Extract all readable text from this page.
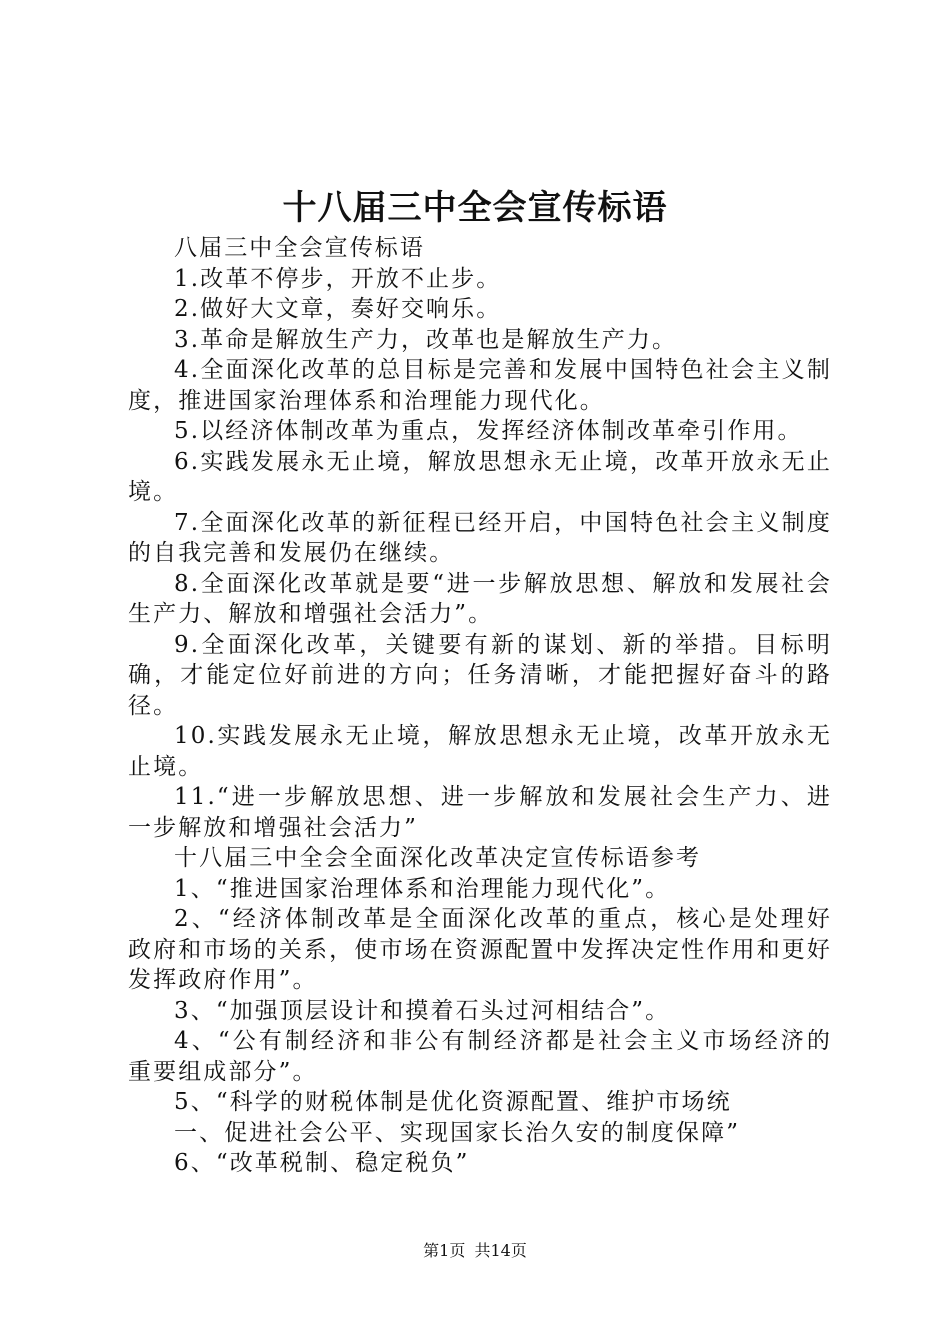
十八届三中全会宣传标语

八届三中全会宣传标语

1.改革不停步，开放不止步。

2.做好大文章，奏好交响乐。

3.革命是解放生产力，改革也是解放生产力。

4.全面深化改革的总目标是完善和发展中国特色社会主义制度，推进国家治理体系和治理能力现代化。

5.以经济体制改革为重点，发挥经济体制改革牵引作用。

6.实践发展永无止境，解放思想永无止境，改革开放永无止境。

7.全面深化改革的新征程已经开启，中国特色社会主义制度的自我完善和发展仍在继续。

8.全面深化改革就是要“进一步解放思想、解放和发展社会生产力、解放和增强社会活力”。

9.全面深化改革，关键要有新的谋划、新的举措。目标明确，才能定位好前进的方向；任务清晰，才能把握好奋斗的路径。

10.实践发展永无止境，解放思想永无止境，改革开放永无止境。

11.“进一步解放思想、进一步解放和发展社会生产力、进一步解放和增强社会活力”

十八届三中全会全面深化改革决定宣传标语参考

1、“推进国家治理体系和治理能力现代化”。

2、“经济体制改革是全面深化改革的重点，核心是处理好政府和市场的关系，使市场在资源配置中发挥决定性作用和更好发挥政府作用”。

3、“加强顶层设计和摸着石头过河相结合”。

4、“公有制经济和非公有制经济都是社会主义市场经济的重要组成部分”。

5、“科学的财税体制是优化资源配置、维护市场统

一、促进社会公平、实现国家长治久安的制度保障”

6、“改革税制、稳定税负”

第1页 共14页
